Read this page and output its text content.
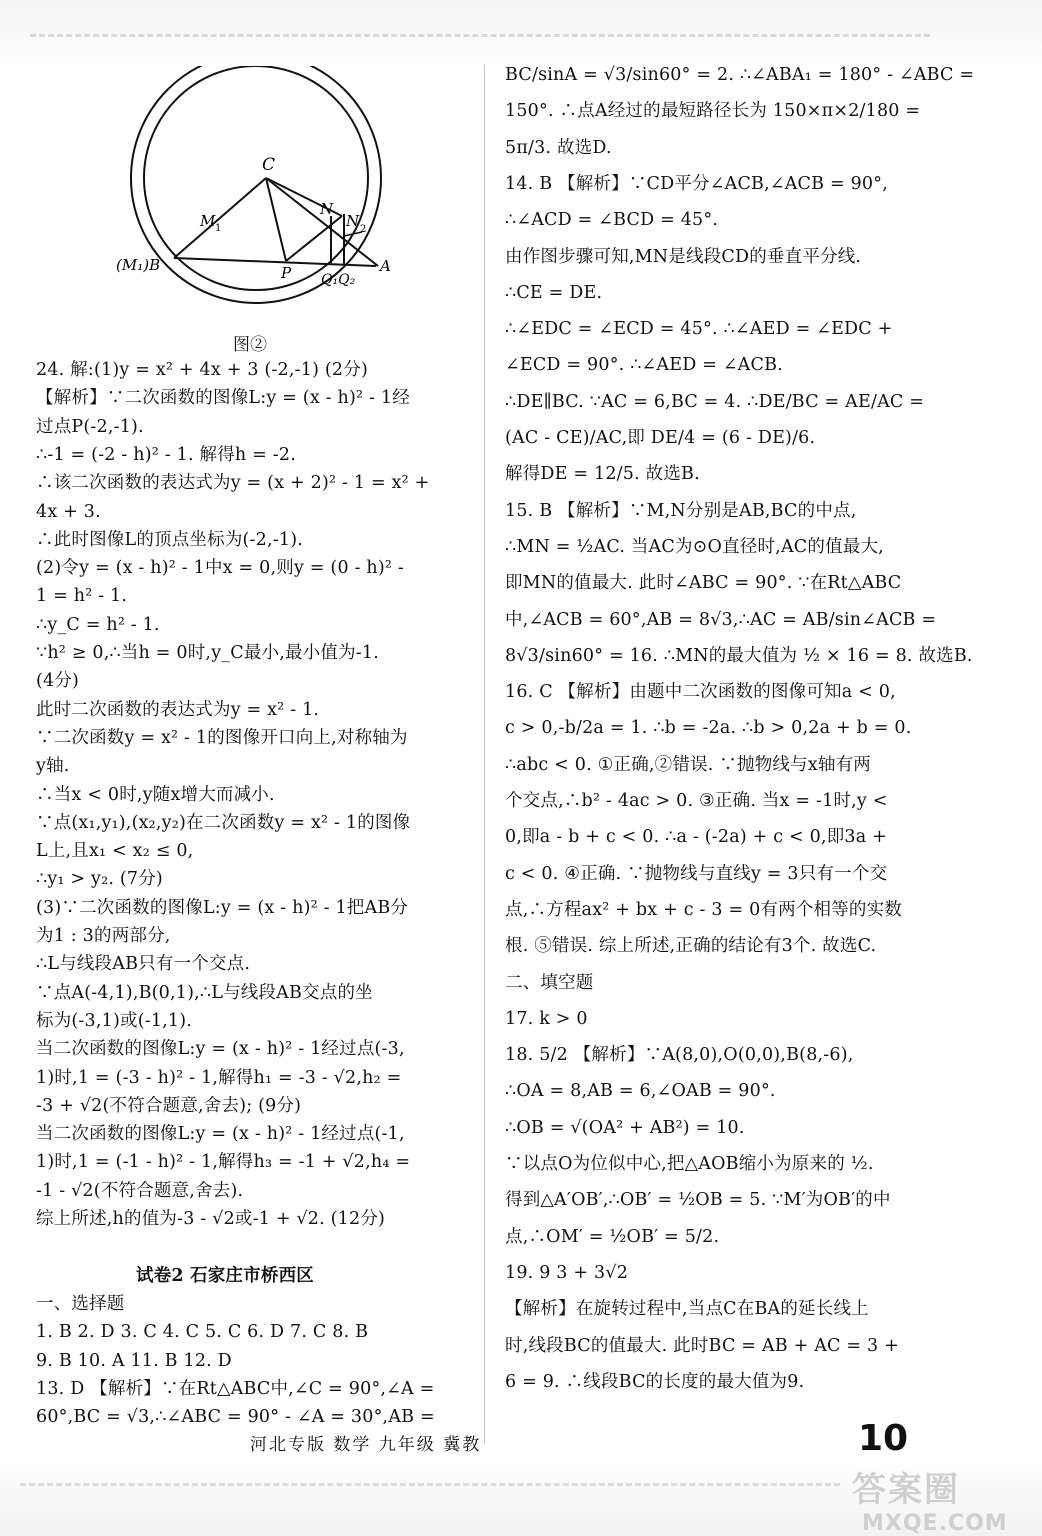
C
M 1
N
N 2
(M₁)B	P Q₁Q₂
A
图②
24. 解:(1)y = x² + 4x + 3 (-2,-1) (2分)
【解析】∵二次函数的图像L:y = (x - h)² - 1经
过点P(-2,-1).
∴-1 = (-2 - h)² - 1. 解得h = -2.
∴该二次函数的表达式为y = (x + 2)² - 1 = x² +
4x + 3.
∴此时图像L的顶点坐标为(-2,-1).
(2)令y = (x - h)² - 1中x = 0,则y = (0 - h)² -
1 = h² - 1.
∴y_C = h² - 1.
∵h² ≥ 0,∴当h = 0时,y_C最小,最小值为-1.
(4分)
此时二次函数的表达式为y = x² - 1.
∵二次函数y = x² - 1的图像开口向上,对称轴为
y轴.
∴当x < 0时,y随x增大而减小.
∵点(x₁,y₁),(x₂,y₂)在二次函数y = x² - 1的图像
L上,且x₁ < x₂ ≤ 0,
∴y₁ > y₂. (7分)
(3)∵二次函数的图像L:y = (x - h)² - 1把AB分
为1 : 3的两部分,
∴L与线段AB只有一个交点.
∵点A(-4,1),B(0,1),∴L与线段AB交点的坐
标为(-3,1)或(-1,1).
当二次函数的图像L:y = (x - h)² - 1经过点(-3,
1)时,1 = (-3 - h)² - 1,解得h₁ = -3 - √2,h₂ =
-3 + √2(不符合题意,舍去); (9分)
当二次函数的图像L:y = (x - h)² - 1经过点(-1,
1)时,1 = (-1 - h)² - 1,解得h₃ = -1 + √2,h₄ =
-1 - √2(不符合题意,舍去).
综上所述,h的值为-3 - √2或-1 + √2. (12分)
试卷2 石家庄市桥西区
一、选择题
1. B 2. D 3. C 4. C 5. C 6. D 7. C 8. B
9. B 10. A 11. B 12. D
13. D 【解析】∵在Rt△ABC中,∠C = 90°,∠A =
60°,BC = √3,∴∠ABC = 90° - ∠A = 30°,AB =
BC/sinA = √3/sin60° = 2. ∴∠ABA₁ = 180° - ∠ABC =
150°. ∴点A经过的最短路径长为 150×π×2/180 =
5π/3. 故选D.
14. B 【解析】∵CD平分∠ACB,∠ACB = 90°,
∴∠ACD = ∠BCD = 45°.
由作图步骤可知,MN是线段CD的垂直平分线.
∴CE = DE.
∴∠EDC = ∠ECD = 45°. ∴∠AED = ∠EDC +
∠ECD = 90°. ∴∠AED = ∠ACB.
∴DE∥BC. ∵AC = 6,BC = 4. ∴DE/BC = AE/AC =
(AC - CE)/AC,即 DE/4 = (6 - DE)/6.
解得DE = 12/5. 故选B.
15. B 【解析】∵M,N分别是AB,BC的中点,
∴MN = ½AC. 当AC为⊙O直径时,AC的值最大,
即MN的值最大. 此时∠ABC = 90°. ∵在Rt△ABC
中,∠ACB = 60°,AB = 8√3,∴AC = AB/sin∠ACB =
8√3/sin60° = 16. ∴MN的最大值为 ½ × 16 = 8. 故选B.
16. C 【解析】由题中二次函数的图像可知a < 0,
c > 0,-b/2a = 1. ∴b = -2a. ∴b > 0,2a + b = 0.
∴abc < 0. ①正确,②错误. ∵抛物线与x轴有两
个交点,∴b² - 4ac > 0. ③正确. 当x = -1时,y <
0,即a - b + c < 0. ∴a - (-2a) + c < 0,即3a +
c < 0. ④正确. ∵抛物线与直线y = 3只有一个交
点,∴方程ax² + bx + c - 3 = 0有两个相等的实数
根. ⑤错误. 综上所述,正确的结论有3个. 故选C.
二、填空题
17. k > 0
18. 5/2 【解析】∵A(8,0),O(0,0),B(8,-6),
∴OA = 8,AB = 6,∠OAB = 90°.
∴OB = √(OA² + AB²) = 10.
∵以点O为位似中心,把△AOB缩小为原来的 ½.
得到△A′OB′,∴OB′ = ½OB = 5. ∵M′为OB′的中
点,∴OM′ = ½OB′ = 5/2.
19. 9 3 + 3√2
【解析】在旋转过程中,当点C在BA的延长线上
时,线段BC的值最大. 此时BC = AB + AC = 3 +
6 = 9. ∴线段BC的长度的最大值为9.
河北专版 数学 九年级 冀教	10
答案圈
MXQE.COM
